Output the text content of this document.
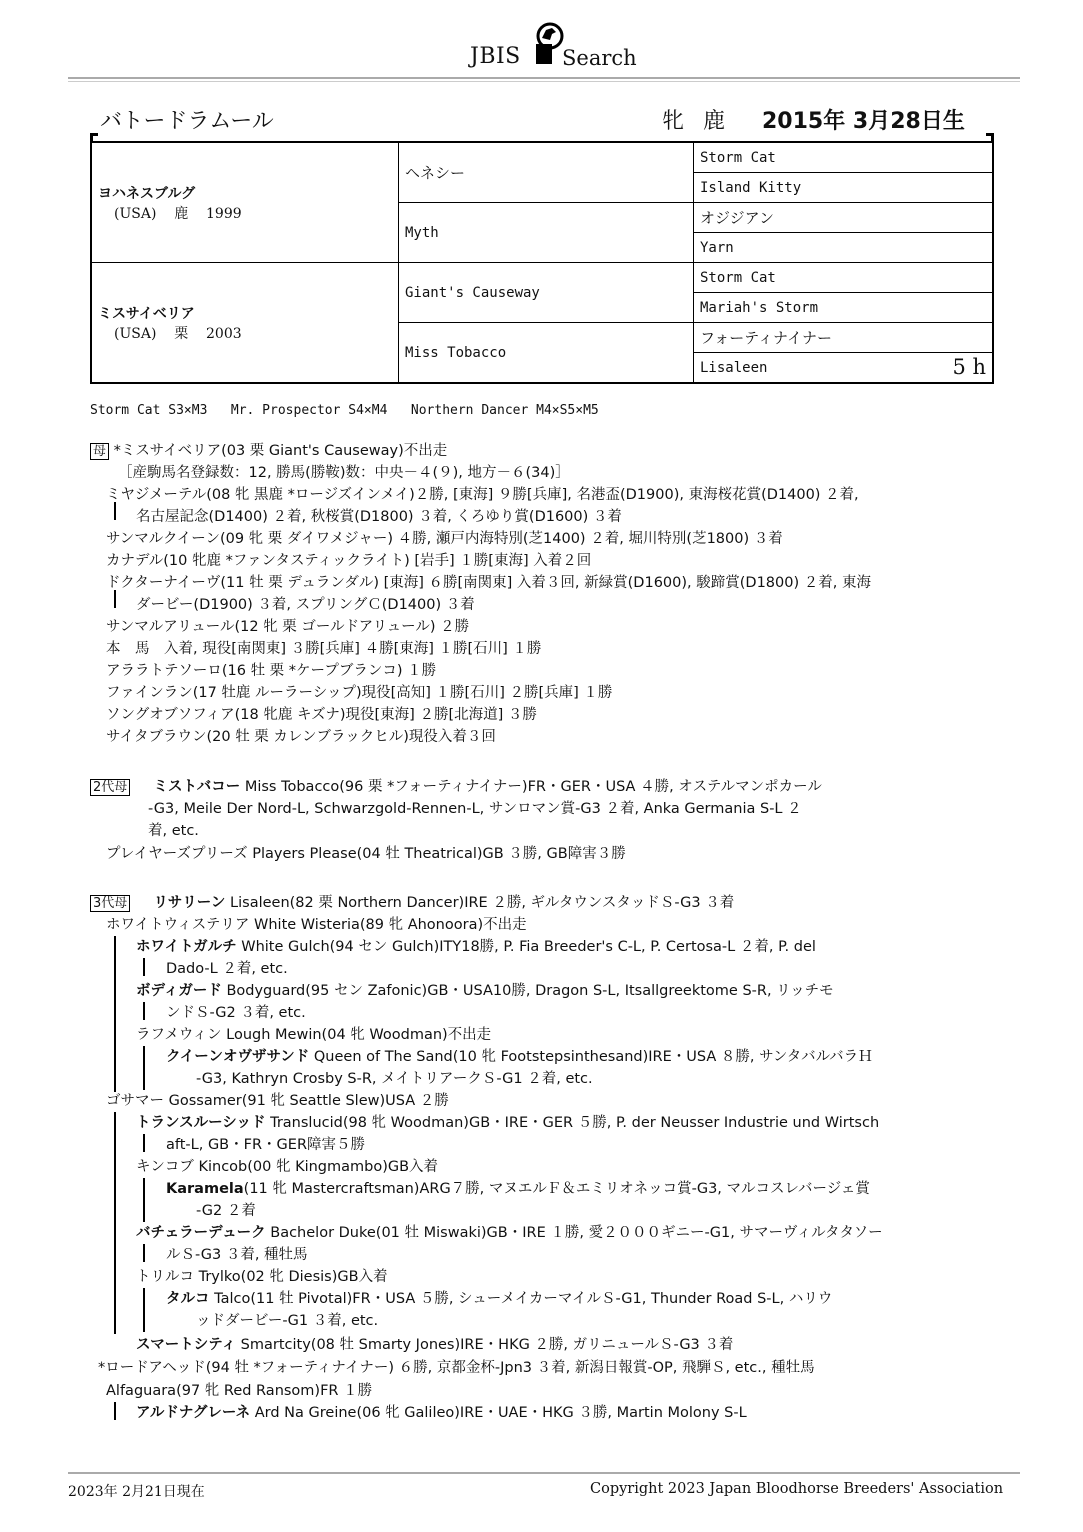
JBIS Search
バトードラムール	牝 鹿 2015年 3月28日生
ヨハネスブルグ
(USA)    鹿    1999	ヘネシー	Storm Cat
		Island Kitty
	Myth	オジジアン
		Yarn

ミスサイベリア
(USA)    栗    2003	Giant's Causeway	Storm Cat
		Mariah's Storm
	Miss Tobacco	フォーティナイナー
		Lisaleen 5 h
Storm Cat S3×M3   Mr. Prospector S4×M4   Northern Dancer M4×S5×M5
母 *ミスサイベリア(03 栗 Giant's Causeway)不出走
［産駒馬名登録数：12, 勝馬(勝鞍)数：中央－４(９), 地方－６(34)］
ミヤジメーテル(08 牝 黒鹿 *ロージズインメイ)２勝, [東海] ９勝[兵庫], 名港盃(D1900), 東海桜花賞(D1400) ２着,
名古屋記念(D1400) ２着, 秋桜賞(D1800) ３着, くろゆり賞(D1600) ３着
サンマルクイーン(09 牝 栗 ダイワメジャー) ４勝, 瀬戸内海特別(芝1400) ２着, 堀川特別(芝1800) ３着
カナデル(10 牝鹿 *ファンタスティックライト) [岩手] １勝[東海] 入着２回
ドクターナイーヴ(11 牡 栗 デュランダル) [東海] ６勝[南関東] 入着３回, 新緑賞(D1600), 駿蹄賞(D1800) ２着, 東海
ダービー(D1900) ３着, スプリングＣ(D1400) ３着
サンマルアリュール(12 牝 栗 ゴールドアリュール) ２勝
本　馬　入着, 現役[南関東] ３勝[兵庫] ４勝[東海] １勝[石川] １勝
アララトテソーロ(16 牡 栗 *ケープブランコ) １勝
ファインラン(17 牡鹿 ルーラーシップ)現役[高知] １勝[石川] ２勝[兵庫] １勝
ソングオブソフィア(18 牝鹿 キズナ)現役[東海] ２勝[北海道] ３勝
サイタブラウン(20 牡 栗 カレンブラックヒル)現役入着３回
2代母 ミストバコー Miss Tobacco(96 栗 *フォーティナイナー)FR・GER・USA ４勝, オステルマンポカール
-G3, Meile Der Nord-L, Schwarzgold-Rennen-L, サンロマン賞-G3 ２着, Anka Germania S-L ２
着, etc.
プレイヤーズプリーズ Players Please(04 牡 Theatrical)GB ３勝, GB障害３勝
3代母 リサリーン Lisaleen(82 栗 Northern Dancer)IRE ２勝, ギルタウンスタッドＳ-G3 ３着
ホワイトウィステリア White Wisteria(89 牝 Ahonoora)不出走
ホワイトガルチ White Gulch(94 セン Gulch)ITY18勝, P. Fia Breeder's C-L, P. Certosa-L ２着, P. del
Dado-L ２着, etc.
ボディガード Bodyguard(95 セン Zafonic)GB・USA10勝, Dragon S-L, Itsallgreektome S-R, リッチモ
ンドＳ-G2 ３着, etc.
ラフメウィン Lough Mewin(04 牝 Woodman)不出走
クイーンオヴザサンド Queen of The Sand(10 牝 Footstepsinthesand)IRE・USA ８勝, サンタバルバラＨ
-G3, Kathryn Crosby S-R, メイトリアークＳ-G1 ２着, etc.
ゴサマー Gossamer(91 牝 Seattle Slew)USA ２勝
トランスルーシッド Translucid(98 牝 Woodman)GB・IRE・GER ５勝, P. der Neusser Industrie und Wirtsch
aft-L, GB・FR・GER障害５勝
キンコブ Kincob(00 牝 Kingmambo)GB入着
Karamela(11 牝 Mastercraftsman)ARG７勝, マヌエルＦ＆エミリオネッコ賞-G3, マルコスレバージェ賞
-G2 ２着
バチェラーデューク Bachelor Duke(01 牡 Miswaki)GB・IRE １勝, 愛２０００ギニー-G1, サマーヴィルタタソー
ルＳ-G3 ３着, 種牡馬
トリルコ Trylko(02 牝 Diesis)GB入着
タルコ Talco(11 牡 Pivotal)FR・USA ５勝, シューメイカーマイルＳ-G1, Thunder Road S-L, ハリウ
ッドダービー-G1 ３着, etc.
スマートシティ Smartcity(08 牡 Smarty Jones)IRE・HKG ２勝, ガリニュールＳ-G3 ３着
*ロードアヘッド(94 牡 *フォーティナイナー) ６勝, 京都金杯-Jpn3 ３着, 新潟日報賞-OP, 飛騨Ｓ, etc., 種牡馬
Alfaguara(97 牝 Red Ransom)FR １勝
アルドナグレーネ Ard Na Greine(06 牝 Galileo)IRE・UAE・HKG ３勝, Martin Molony S-L
2023年 2月21日現在	Copyright 2023 Japan Bloodhorse Breeders' Association
